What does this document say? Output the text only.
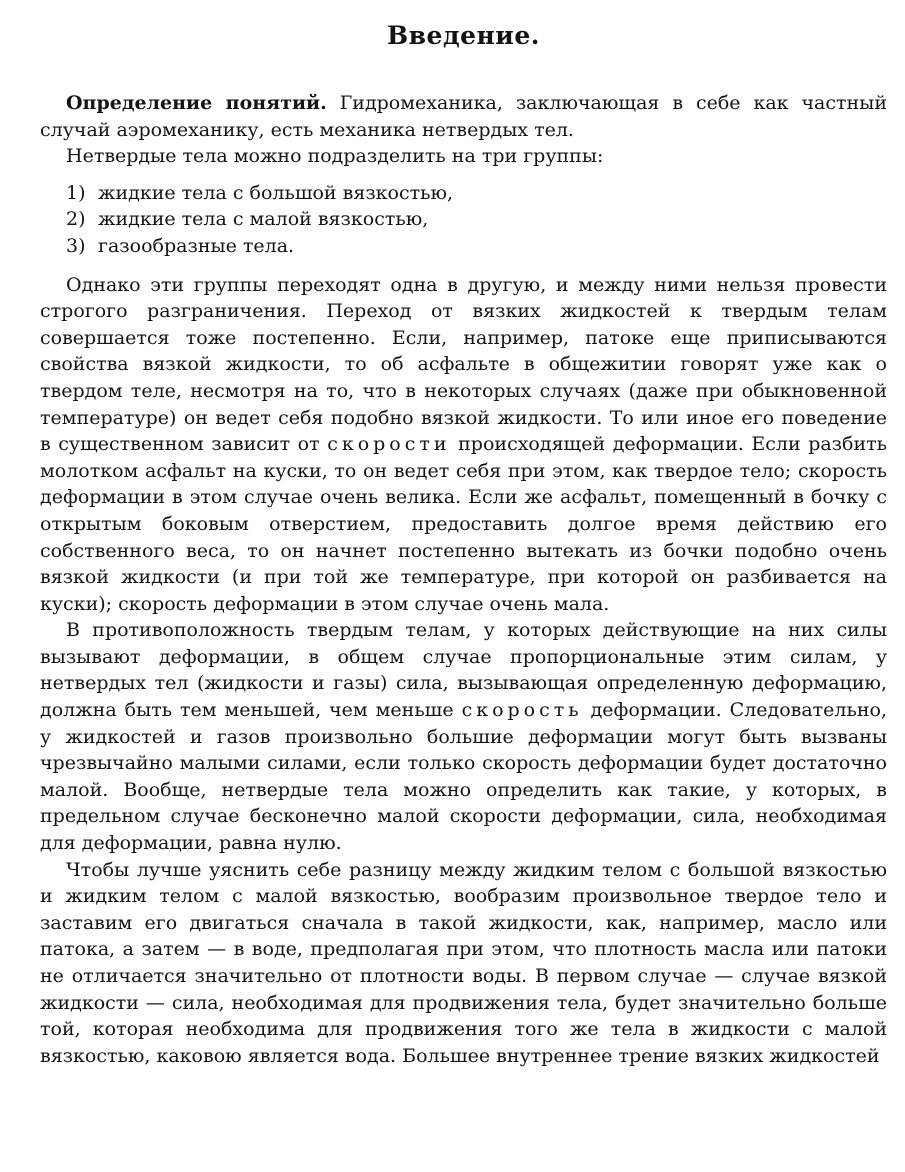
Введение.

Определение понятий. Гидромеханика, заключающая в себе как частный случай аэромеханику, есть механика нетвердых тел.

Нетвердые тела можно подразделить на три группы:

1) жидкие тела с большой вязкостью,
2) жидкие тела с малой вязкостью,
3) газообразные тела.

Однако эти группы переходят одна в другую, и между ними нельзя провести строгого разграничения. Переход от вязких жидкостей к твердым телам совершается тоже постепенно. Если, например, патоке еще приписываются свойства вязкой жидкости, то об асфальте в общежитии говорят уже как о твердом теле, несмотря на то, что в некоторых случаях (даже при обыкновенной температуре) он ведет себя подобно вязкой жидкости. То или иное его поведение в существенном зависит от скорости происходящей деформации. Если разбить молотком асфальт на куски, то он ведет себя при этом, как твердое тело; скорость деформации в этом случае очень велика. Если же асфальт, помещенный в бочку с открытым боковым отверстием, предоставить долгое время действию его собственного веса, то он начнет постепенно вытекать из бочки подобно очень вязкой жидкости (и при той же температуре, при которой он разбивается на куски); скорость деформации в этом случае очень мала.

В противоположность твердым телам, у которых действующие на них силы вызывают деформации, в общем случае пропорциональные этим силам, у нетвердых тел (жидкости и газы) сила, вызывающая определенную деформацию, должна быть тем меньшей, чем меньше скорость деформации. Следовательно, у жидкостей и газов произвольно большие деформации могут быть вызваны чрезвычайно малыми силами, если только скорость деформации будет достаточно малой. Вообще, нетвердые тела можно определить как такие, у которых, в предельном случае бесконечно малой скорости деформации, сила, необходимая для деформации, равна нулю.

Чтобы лучше уяснить себе разницу между жидким телом с большой вязкостью и жидким телом с малой вязкостью, вообразим произвольное твердое тело и заставим его двигаться сначала в такой жидкости, как, например, масло или патока, а затем — в воде, предполагая при этом, что плотность масла или патоки не отличается значительно от плотности воды. В первом случае — случае вязкой жидкости — сила, необходимая для продвижения тела, будет значительно больше той, которая необходима для продвижения того же тела в жидкости с малой вязкостью, каковою является вода. Большее внутреннее трение вязких жидкостей
